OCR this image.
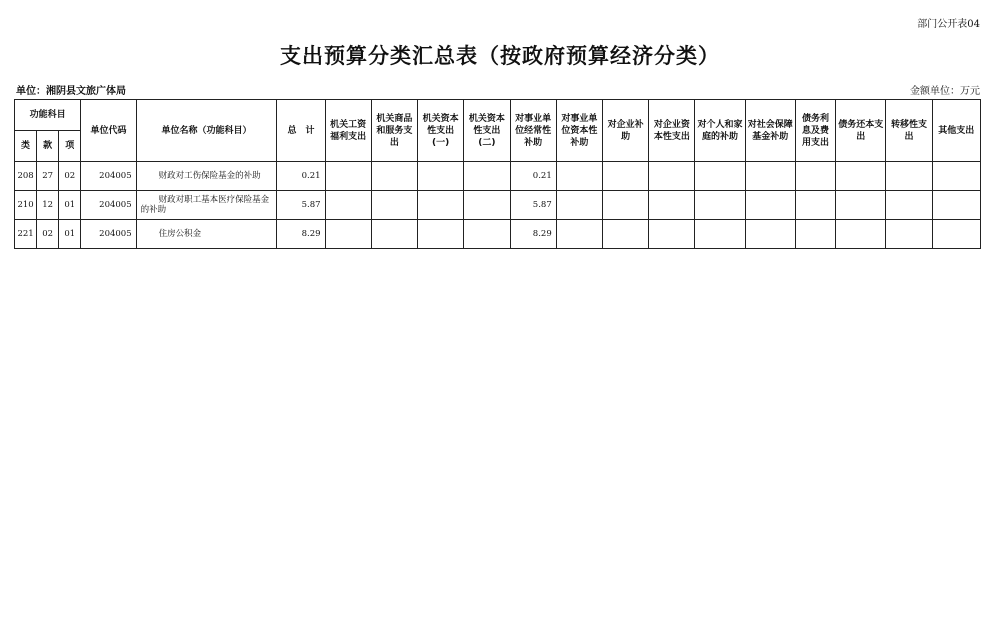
部门公开表04
支出预算分类汇总表（按政府预算经济分类）
单位：湘阴县文旅广体局	金额单位：万元
功能科目			单位代码	单位名称（功能科目）	总　计	机关工资福利支出	机关商品和服务支出	机关资本性支出(一)	机关资本性支出(二)	对事业单位经常性补助	对事业单位资本性补助	对企业补助	对企业资本性支出	对个人和家庭的补助	对社会保障基金补助	债务利息及费用支出	债务还本支出	转移性支出	其他支出
类	款	项																	
208	27	02	204005	财政对工伤保险基金的补助	0.21					0.21									
210	12	01	204005	财政对职工基本医疗保险基金的补助	5.87					5.87									
221	02	01	204005	住房公积金	8.29					8.29									
